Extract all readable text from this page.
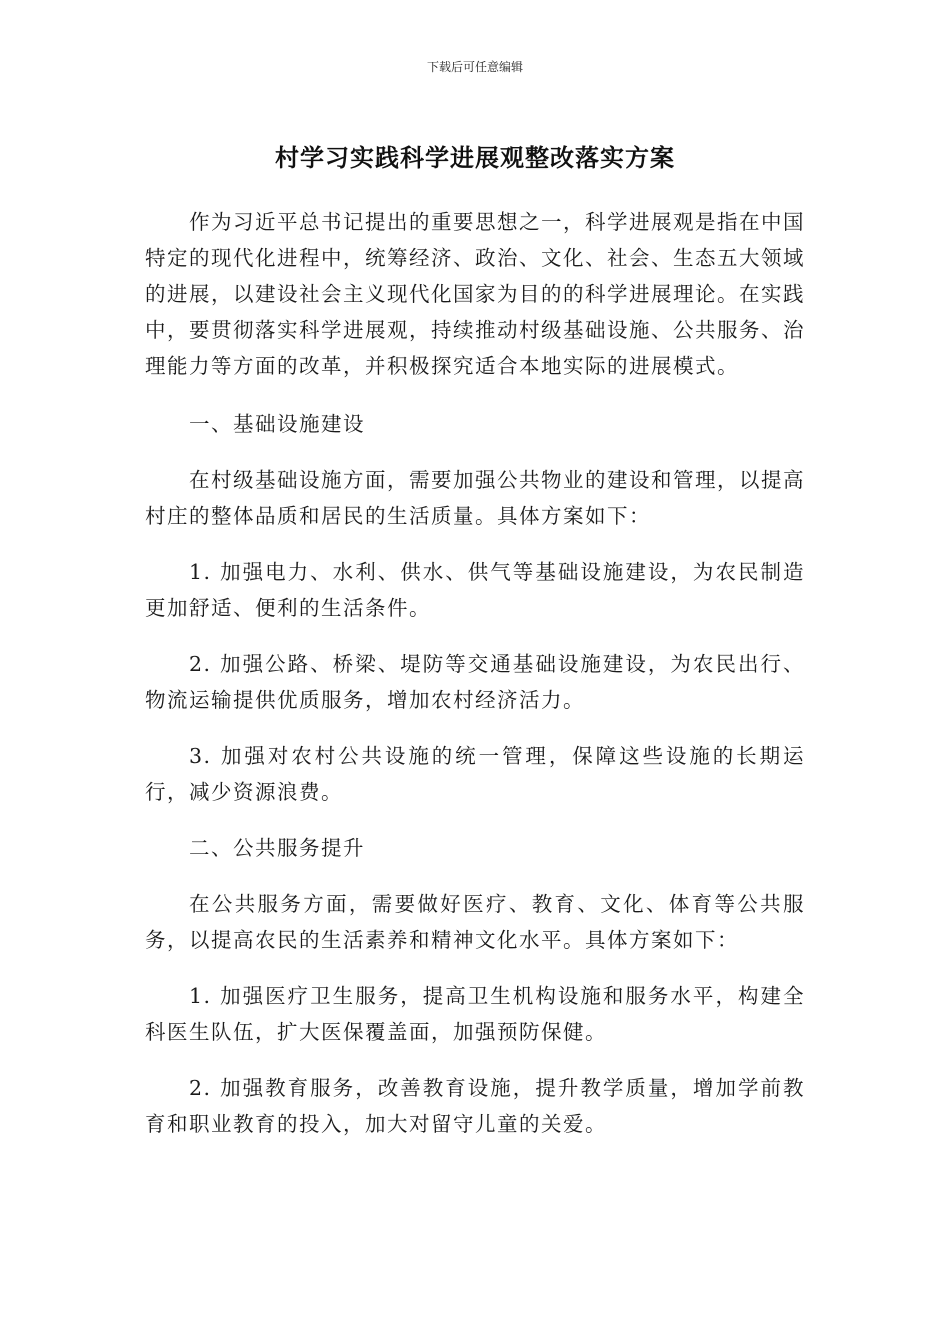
下载后可任意编辑
村学习实践科学进展观整改落实方案

作为习近平总书记提出的重要思想之一，科学进展观是指在中国特定的现代化进程中，统筹经济、政治、文化、社会、生态五大领域的进展，以建设社会主义现代化国家为目的的科学进展理论。在实践中，要贯彻落实科学进展观，持续推动村级基础设施、公共服务、治理能力等方面的改革，并积极探究适合本地实际的进展模式。

一、基础设施建设

在村级基础设施方面，需要加强公共物业的建设和管理，以提高村庄的整体品质和居民的生活质量。具体方案如下：

1. 加强电力、水利、供水、供气等基础设施建设，为农民制造更加舒适、便利的生活条件。

2. 加强公路、桥梁、堤防等交通基础设施建设，为农民出行、物流运输提供优质服务，增加农村经济活力。

3. 加强对农村公共设施的统一管理，保障这些设施的长期运行，减少资源浪费。

二、公共服务提升

在公共服务方面，需要做好医疗、教育、文化、体育等公共服务，以提高农民的生活素养和精神文化水平。具体方案如下：

1. 加强医疗卫生服务，提高卫生机构设施和服务水平，构建全科医生队伍，扩大医保覆盖面，加强预防保健。

2. 加强教育服务，改善教育设施，提升教学质量，增加学前教育和职业教育的投入，加大对留守儿童的关爱。
